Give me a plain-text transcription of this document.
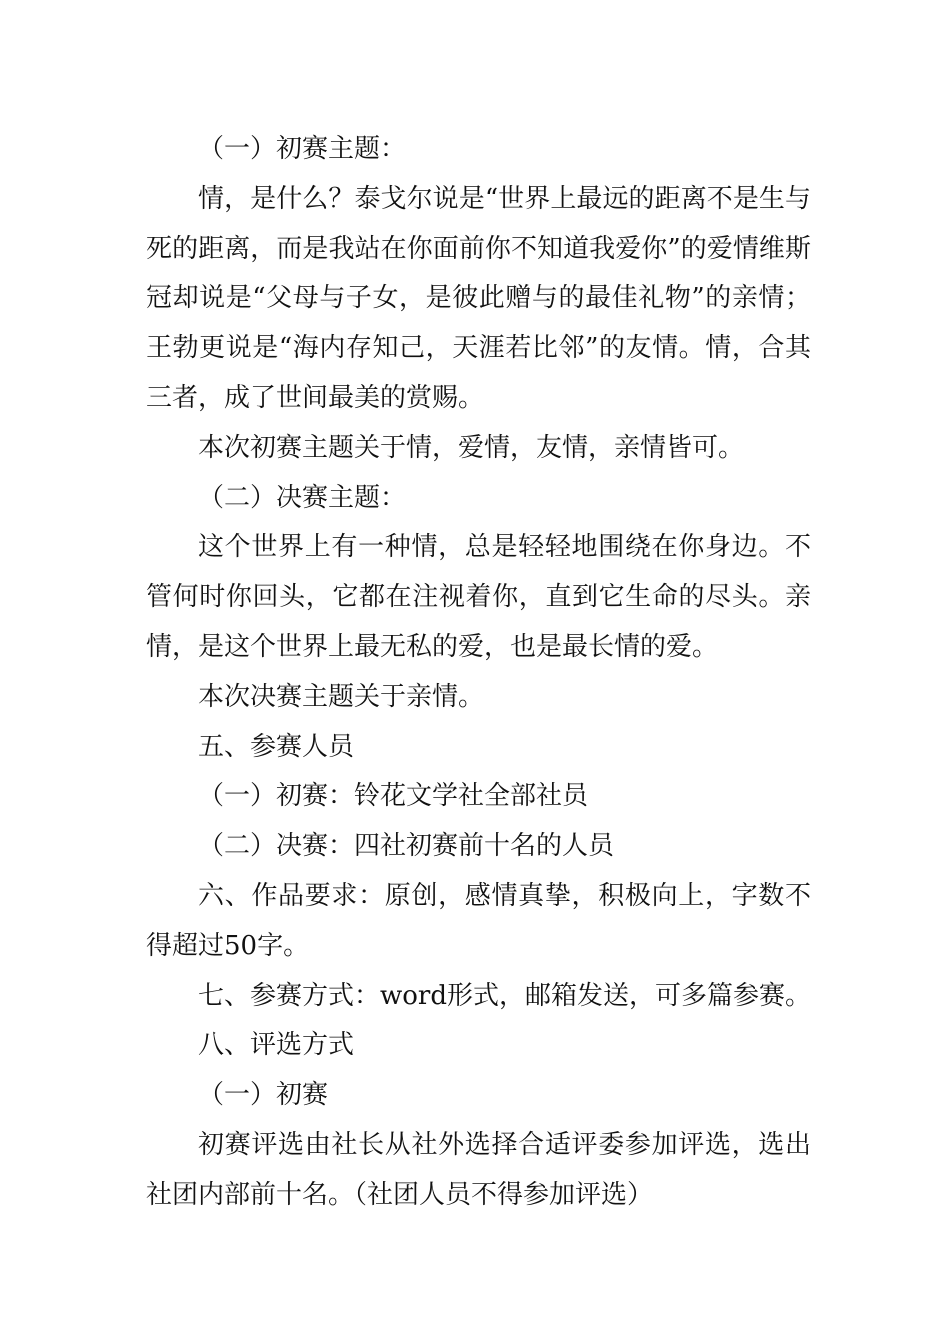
（一）初赛主题：

情，是什么？泰戈尔说是“世界上最远的距离不是生与死的距离，而是我站在你面前你不知道我爱你”的爱情维斯冠却说是“父母与子女，是彼此赠与的最佳礼物”的亲情；王勃更说是“海内存知己，天涯若比邻”的友情。情，合其三者，成了世间最美的赏赐。

本次初赛主题关于情，爱情，友情，亲情皆可。

（二）决赛主题：

这个世界上有一种情，总是轻轻地围绕在你身边。不管何时你回头，它都在注视着你，直到它生命的尽头。亲情，是这个世界上最无私的爱，也是最长情的爱。

本次决赛主题关于亲情。

五、参赛人员

（一）初赛：铃花文学社全部社员

（二）决赛：四社初赛前十名的人员

六、作品要求：原创，感情真挚，积极向上，字数不得超过50字。

七、参赛方式：word形式，邮箱发送，可多篇参赛。

八、评选方式

（一）初赛

初赛评选由社长从社外选择合适评委参加评选，选出社团内部前十名。（社团人员不得参加评选）
